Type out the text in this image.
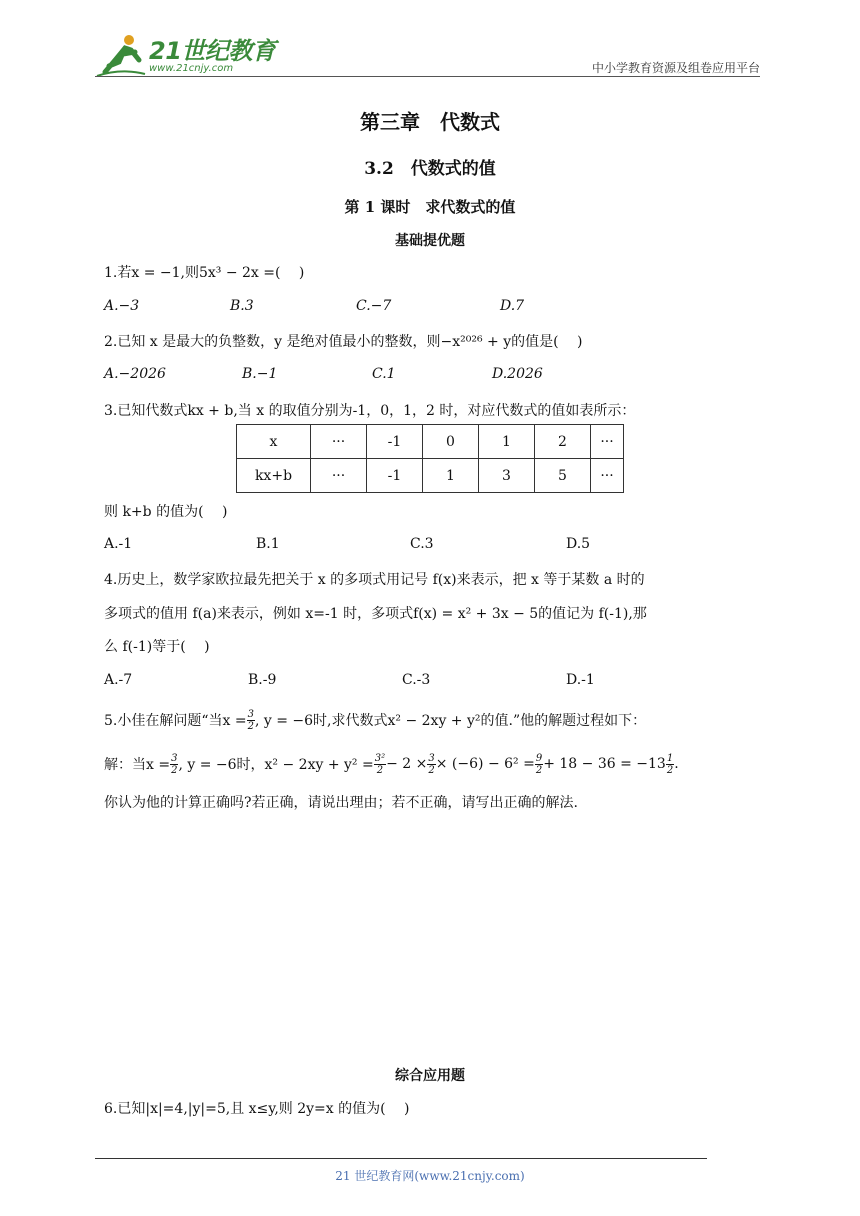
21世纪教育
www.21cnjy.com	中小学教育资源及组卷应用平台
第三章　代数式
3.2　代数式的值
第 1 课时　求代数式的值
基础提优题
1.若x = −1,则5x³ − 2x =(　 )
A.−3	B.3	C.−7	D.7
2.已知 x 是最大的负整数，y 是绝对值最小的整数，则−x²⁰²⁶ + y的值是(　 )
A.−2026	B.−1	C.1	D.2026
3.已知代数式kx + b,当 x 的取值分别为-1，0，1，2 时，对应代数式的值如表所示：
x	···	-1	0	1	2	···
kx+b	···	-1	1	3	5	···
则 k+b 的值为(　 )
A.-1	B.1	C.3	D.5
4.历史上，数学家欧拉最先把关于 x 的多项式用记号 f(x)来表示，把 x 等于某数 a 时的
多项式的值用 f(a)来表示，例如 x=-1 时，多项式f(x) = x² + 3x − 5的值记为 f(-1),那
么 f(-1)等于(　 )
A.-7	B.-9	C.-3	D.-1
5.小佳在解问题“当$x = \frac{3}{2}$ , y = −6时,求代数式x² − 2xy + y²的值.”他的解题过程如下：
解：当$x = \frac{3}{2}$ , y = −6时，$x^2 - 2xy + y^2 = \frac{\text{3²}}{2} - 2 \times \frac{3}{2} \times (-6) - 6^2 = \frac{9}{2} + 18 - 36 = -13 \frac{1}{2}$ .
你认为他的计算正确吗?若正确，请说出理由；若不正确，请写出正确的解法.
综合应用题
6.已知|x|=4,|y|=5,且 x≤y,则 2y=x 的值为(　 )
21 世纪教育网(www.21cnjy.com)
